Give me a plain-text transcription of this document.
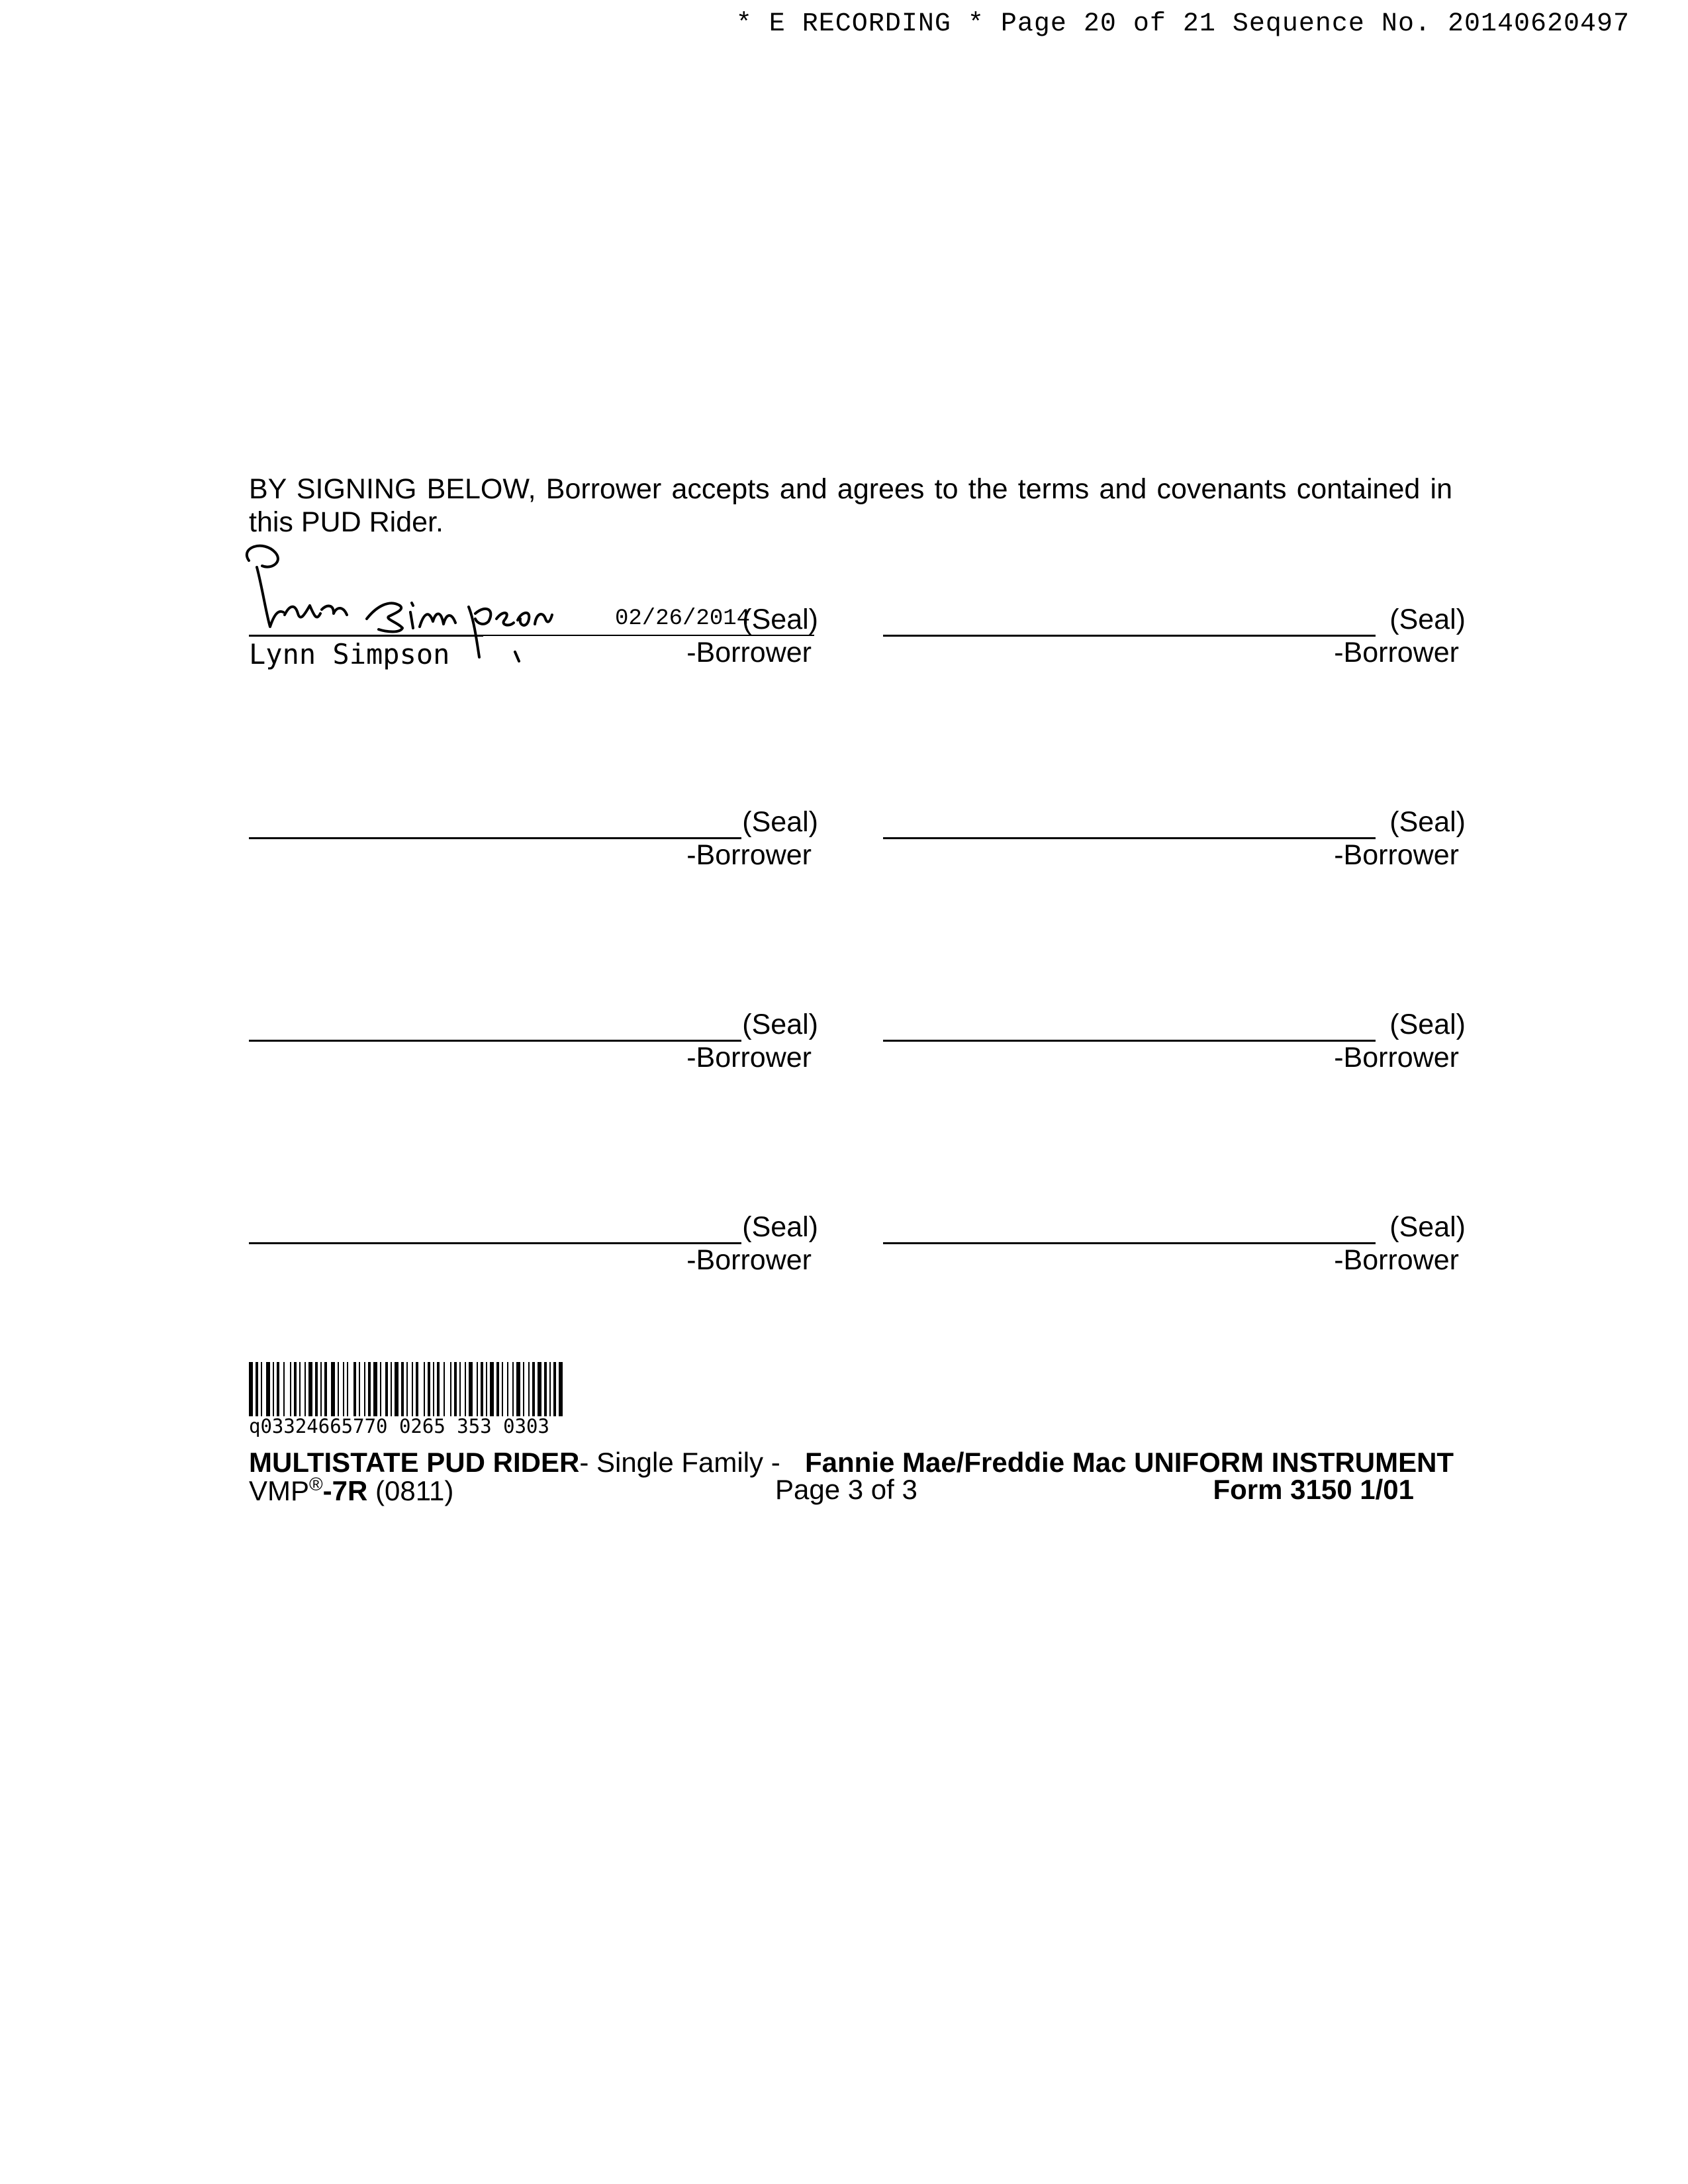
* E RECORDING * Page 20 of 21 Sequence No. 20140620497
BY SIGNING BELOW, Borrower accepts and agrees to the terms and covenants contained in this PUD Rider.
02/26/2014
(Seal)
Lynn Simpson	-Borrower
(Seal)
-Borrower
(Seal)
-Borrower
(Seal)
-Borrower
(Seal)
-Borrower
(Seal)
-Borrower
(Seal)
-Borrower
(Seal)
-Borrower
q03324665770 0265 353 0303
MULTISTATE PUD RIDER- Single Family - Fannie Mae/Freddie Mac UNIFORM INSTRUMENT
VMP®-7R (0811)	Page 3 of 3	Form 3150 1/01
